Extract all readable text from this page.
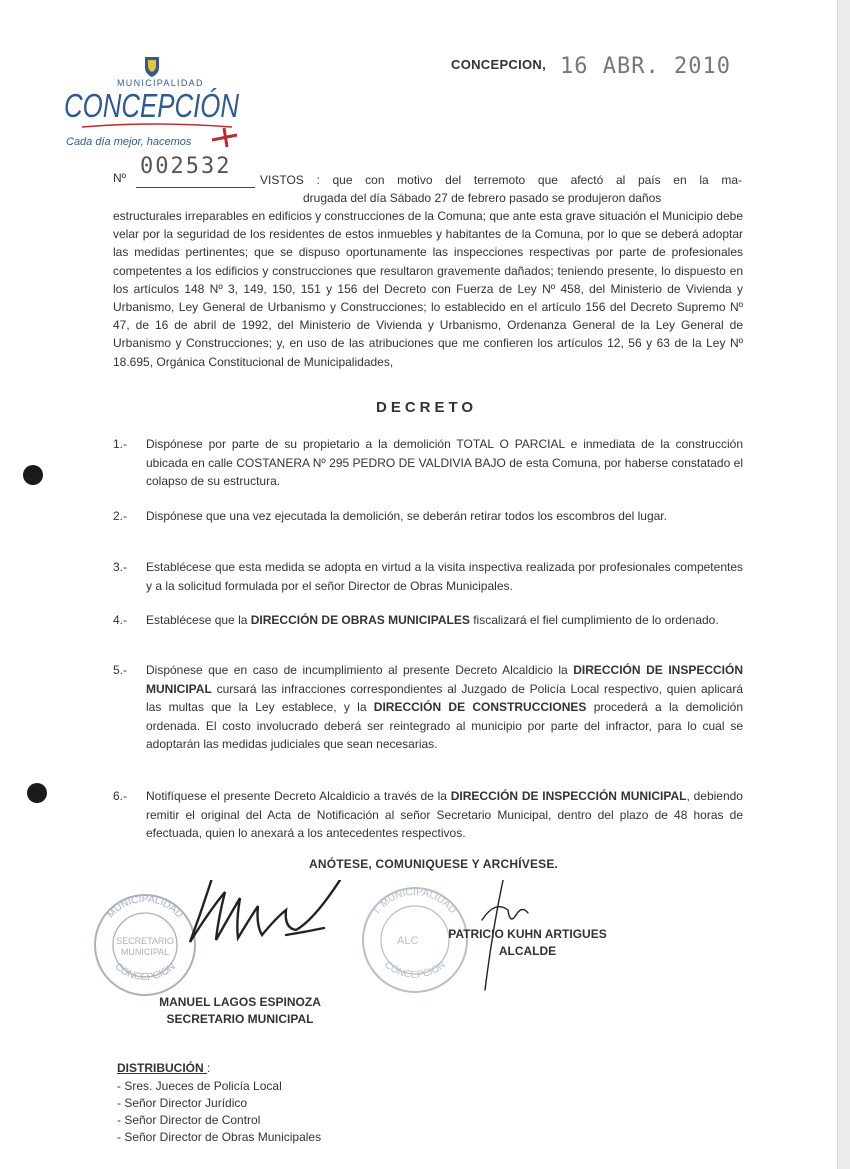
MUNICIPALIDAD
CONCEPCIÓN
Cada día mejor, hacemos
CONCEPCION, 16 ABR. 2010
Nº 002532
VISTOS : que con motivo del terremoto que afectó al país en la ma-
drugada del día Sábado 27 de febrero pasado se produjeron daños
estructurales irreparables en edificios y construcciones de la Comuna; que ante esta grave situación el Municipio debe velar por la seguridad de los residentes de estos inmuebles y habitantes de la Comuna, por lo que se deberá adoptar las medidas pertinentes; que se dispuso oportunamente las inspecciones respectivas por parte de profesionales competentes a los edificios y construcciones que resultaron gravemente dañados; teniendo presente, lo dispuesto en los artículos 148 Nº 3, 149, 150, 151 y 156 del Decreto con Fuerza de Ley Nº 458, del Ministerio de Vivienda y Urbanismo, Ley General de Urbanismo y Construcciones; lo establecido en el artículo 156 del Decreto Supremo Nº 47, de 16 de abril de 1992, del Ministerio de Vivienda y Urbanismo, Ordenanza General de la Ley General de Urbanismo y Construcciones; y, en uso de las atribuciones que me confieren los artículos 12, 56 y 63 de la Ley Nº 18.695, Orgánica Constitucional de Municipalidades,
DECRETO
1.- Dispónese por parte de su propietario a la demolición TOTAL O PARCIAL e inmediata de la construcción ubicada en calle COSTANERA Nº 295 PEDRO DE VALDIVIA BAJO de esta Comuna, por haberse constatado el colapso de su estructura.
2.- Dispónese que una vez ejecutada la demolición, se deberán retirar todos los escombros del lugar.
3.- Establécese que esta medida se adopta en virtud a la visita inspectiva realizada por profesionales competentes y a la solicitud formulada por el señor Director de Obras Municipales.
4.- Establécese que la DIRECCIÓN DE OBRAS MUNICIPALES fiscalizará el fiel cumplimiento de lo ordenado.
5.- Dispónese que en caso de incumplimiento al presente Decreto Alcaldicio la DIRECCIÓN DE INSPECCIÓN MUNICIPAL cursará las infracciones correspondientes al Juzgado de Policía Local respectivo, quien aplicará las multas que la Ley establece, y la DIRECCIÓN DE CONSTRUCCIONES procederá a la demolición ordenada. El costo involucrado deberá ser reintegrado al municipio por parte del infractor, para lo cual se adoptarán las medidas judiciales que sean necesarias.
6.- Notifíquese el presente Decreto Alcaldicio a través de la DIRECCIÓN DE INSPECCIÓN MUNICIPAL, debiendo remitir el original del Acta de Notificación al señor Secretario Municipal, dentro del plazo de 48 horas de efectuada, quien lo anexará a los antecedentes respectivos.
ANÓTESE, COMUNIQUESE Y ARCHÍVESE.
MUNICIPALIDAD
CONCEPCION
SECRETARIO
MUNICIPAL
I. MUNICIPALIDAD
CONCEPCION
ALC	PATRICIO KUHN ARTIGUES
ALCALDE
MANUEL LAGOS ESPINOZA
SECRETARIO MUNICIPAL
DISTRIBUCIÓN :
- Sres. Jueces de Policía Local
- Señor Director Jurídico
- Señor Director de Control
- Señor Director de Obras Municipales
